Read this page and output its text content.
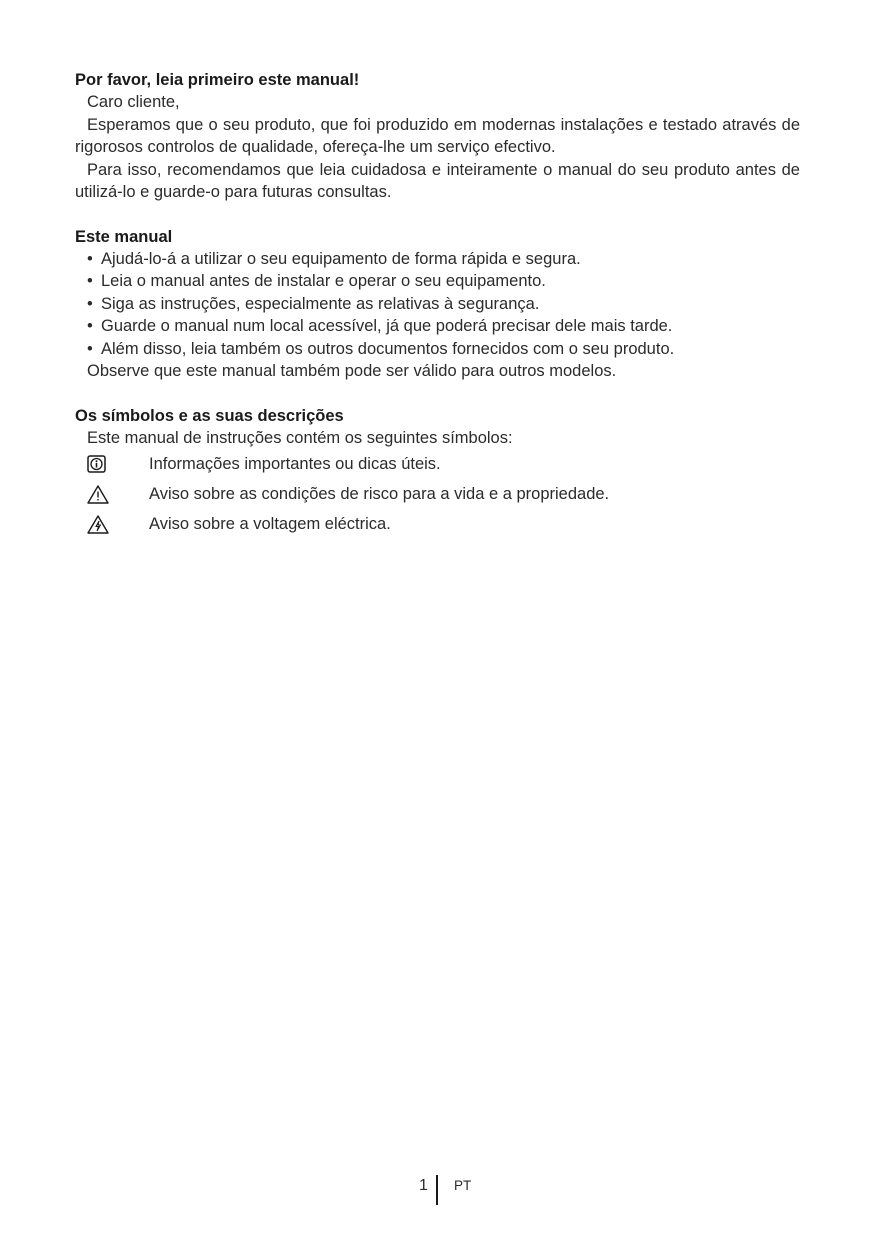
Por favor, leia primeiro este manual!

Caro cliente,

Esperamos que o seu produto, que foi produzido em modernas instalações e testado através de rigorosos controlos de qualidade, ofereça-lhe um serviço efectivo.

Para isso, recomendamos que leia cuidadosa e inteiramente o manual do seu produto antes de utilizá-lo e guarde-o para futuras consultas.

Este manual

• Ajudá-lo-á a utilizar o seu equipamento de forma rápida e segura.
• Leia o manual antes de instalar e operar o seu equipamento.
• Siga as instruções, especialmente as relativas à segurança.
• Guarde o manual num local acessível, já que poderá precisar dele mais tarde.
• Além disso, leia também os outros documentos fornecidos com o seu produto.

Observe que este manual também pode ser válido para outros modelos.

Os símbolos e as suas descrições

Este manual de instruções contém os seguintes símbolos:

Informações importantes ou dicas úteis.
Aviso sobre as condições de risco para a vida e a propriedade.
Aviso sobre a voltagem eléctrica.
1 PT
